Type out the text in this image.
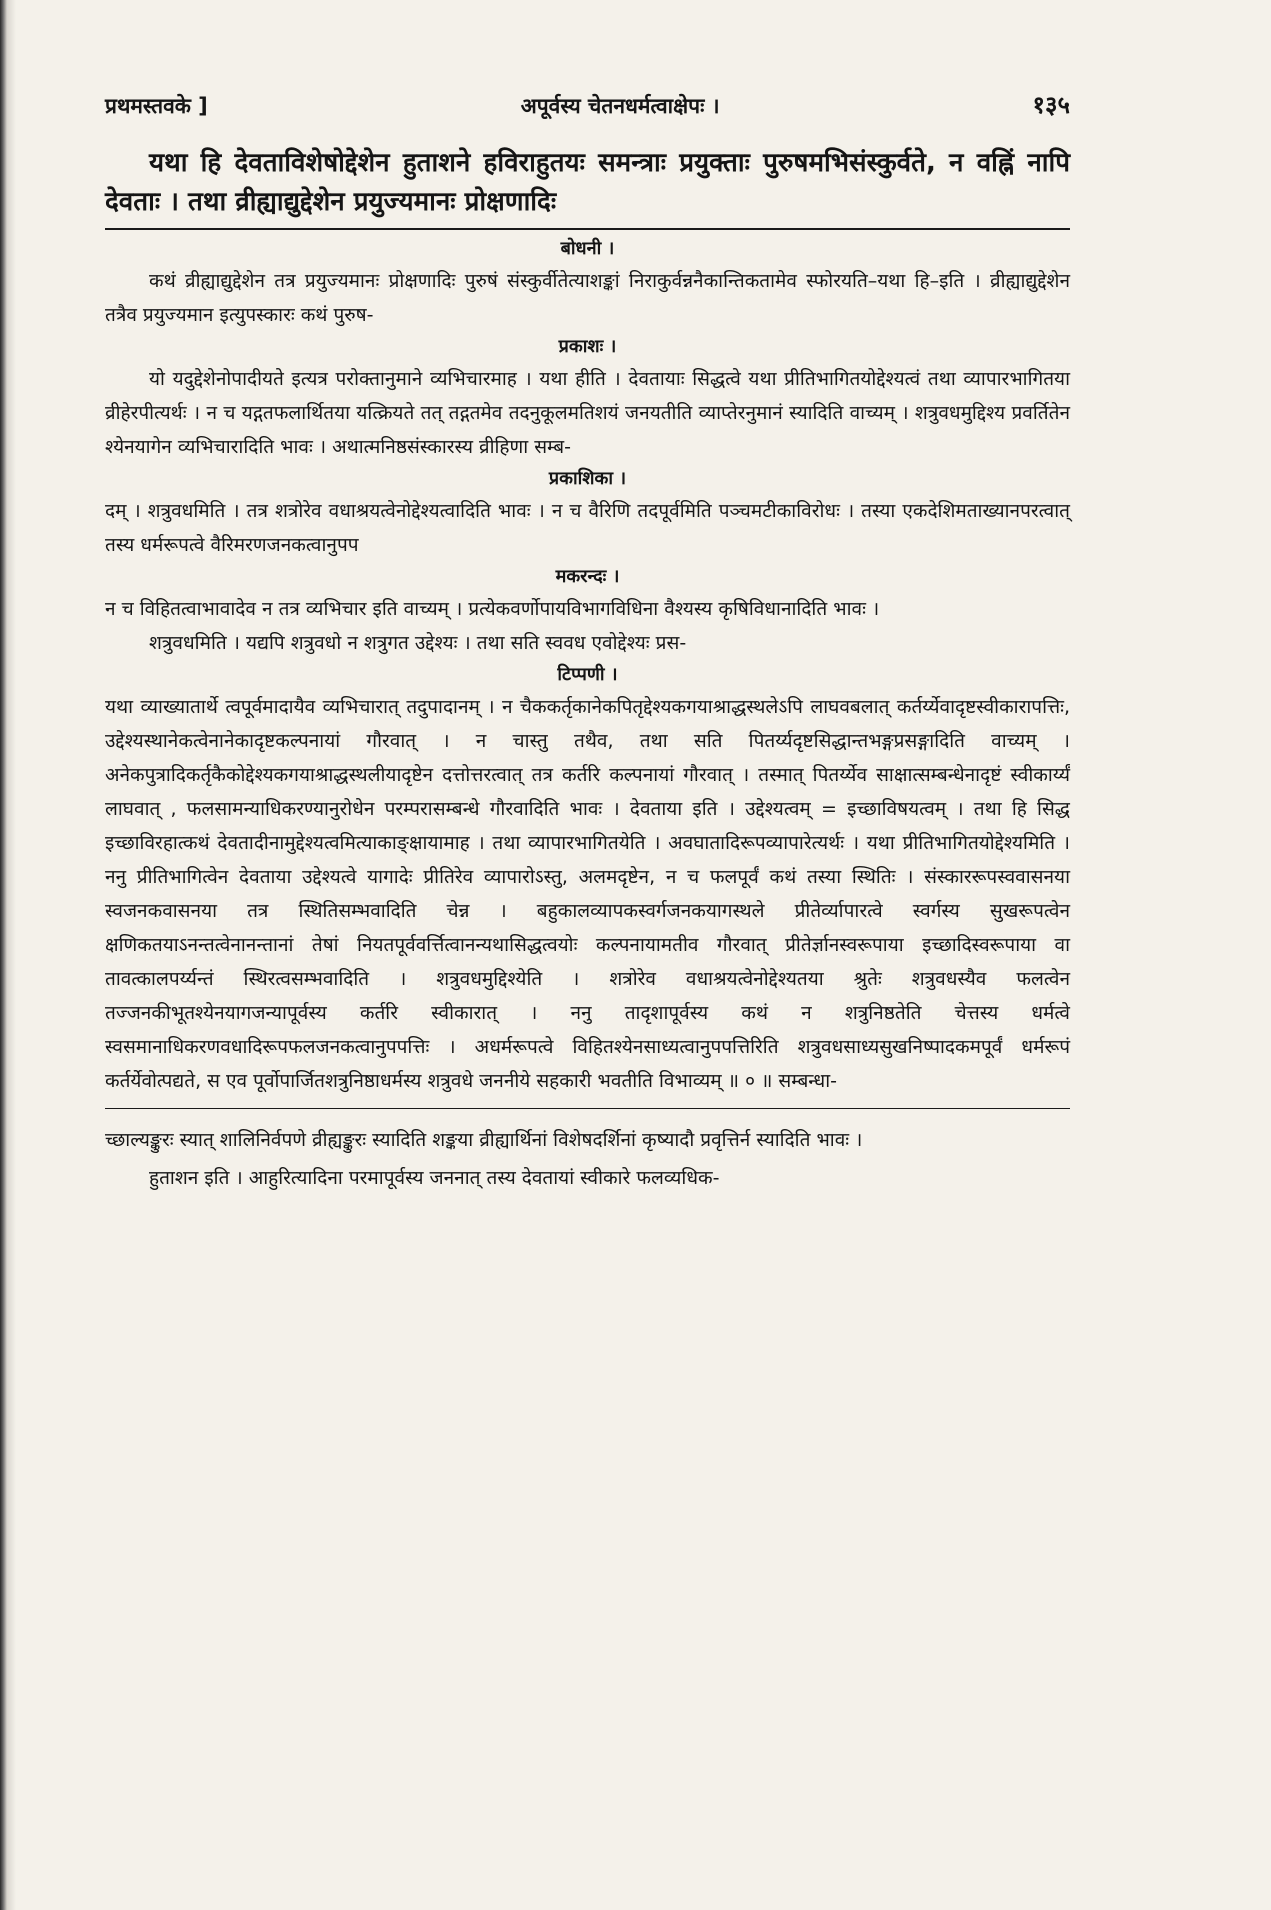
प्रथमस्तवके ]	अपूर्वस्य चेतनधर्मत्वाक्षेपः ।	१३५

यथा हि देवताविशेषोद्देशेन हुताशने हविराहुतयः समन्त्राः प्रयुक्ताः पुरुषमभिसंस्कुर्वते, न वह्निं नापि देवताः । तथा व्रीह्याद्युद्देशेन प्रयुज्यमानः प्रोक्षणादिः

बोधनी ।

कथं व्रीह्याद्युद्देशेन तत्र प्रयुज्यमानः प्रोक्षणादिः पुरुषं संस्कुर्वीतेत्याशङ्कां निराकुर्वन्ननैकान्तिकतामेव स्फोरयति–यथा हि–इति । व्रीह्याद्युद्देशेन तत्रैव प्रयुज्यमान इत्युपस्कारः कथं पुरुष-

प्रकाशः ।

यो यदुद्देशेनोपादीयते इत्यत्र परोक्तानुमाने व्यभिचारमाह । यथा हीति । देवतायाः सिद्धत्वे यथा प्रीतिभागितयोद्देश्यत्वं तथा व्यापारभागितया व्रीहेरपीत्यर्थः । न च यद्गतफलार्थितया यत्क्रियते तत् तद्गतमेव तदनुकूलमतिशयं जनयतीति व्याप्तेरनुमानं स्यादिति वाच्यम् । शत्रुवधमुद्दिश्य प्रवर्तितेन श्येनयागेन व्यभिचारादिति भावः । अथात्मनिष्ठसंस्कारस्य व्रीहिणा सम्ब-

प्रकाशिका ।

दम् । शत्रुवधमिति । तत्र शत्रोरेव वधाश्रयत्वेनोद्देश्यत्वादिति भावः । न च वैरिणि तदपूर्वमिति पञ्चमटीकाविरोधः । तस्या एकदेशिमताख्यानपरत्वात् तस्य धर्मरूपत्वे वैरिमरणजनकत्वानुपप

मकरन्दः ।

न च विहितत्वाभावादेव न तत्र व्यभिचार इति वाच्यम् । प्रत्येकवर्णोपायविभागविधिना वैश्यस्य कृषिविधानादिति भावः ।

शत्रुवधमिति । यद्यपि शत्रुवधो न शत्रुगत उद्देश्यः । तथा सति स्ववध एवोद्देश्यः प्रस-

टिप्पणी ।

यथा व्याख्यातार्थे त्वपूर्वमादायैव व्यभिचारात् तदुपादानम् । न चैककर्तृकानेकपितृद्देश्यकगयाश्राद्धस्थलेऽपि लाघवबलात् कर्तर्य्येवादृष्टस्वीकारापत्तिः, उद्देश्यस्थानेकत्वेनानेकादृष्टकल्पनायां गौरवात् । न चास्तु तथैव, तथा सति पितर्य्यदृष्टसिद्धान्तभङ्गप्रसङ्गादिति वाच्यम् । अनेकपुत्रादिकर्तृकैकोद्देश्यकगयाश्राद्धस्थलीयादृष्टेन दत्तोत्तरत्वात् तत्र कर्तरि कल्पनायां गौरवात् । तस्मात् पितर्य्येव साक्षात्सम्बन्धेनादृष्टं स्वीकार्य्यं लाघवात् , फलसामन्याधिकरण्यानुरोधेन परम्परासम्बन्धे गौरवादिति भावः । देवताया इति । उद्देश्यत्वम् = इच्छाविषयत्वम् । तथा हि सिद्ध इच्छाविरहात्कथं देवतादीनामुद्देश्यत्वमित्याकाङ्क्षायामाह । तथा व्यापारभागितयेति । अवघातादिरूपव्यापारेत्यर्थः । यथा प्रीतिभागितयोद्देश्यमिति । ननु प्रीतिभागित्वेन देवताया उद्देश्यत्वे यागादेः प्रीतिरेव व्यापारोऽस्तु, अलमदृष्टेन, न च फलपूर्वं कथं तस्या स्थितिः । संस्काररूपस्ववासनया स्वजनकवासनया तत्र स्थितिसम्भवादिति चेन्न । बहुकालव्यापकस्वर्गजनकयागस्थले प्रीतेर्व्यापारत्वे स्वर्गस्य सुखरूपत्वेन क्षणिकतयाऽनन्तत्वेनानन्तानां तेषां नियतपूर्ववर्त्तित्वानन्यथासिद्धत्वयोः कल्पनायामतीव गौरवात् प्रीतेर्ज्ञानस्वरूपाया इच्छादिस्वरूपाया वा तावत्कालपर्य्यन्तं स्थिरत्वसम्भवादिति । शत्रुवधमुद्दिश्येति । शत्रोरेव वधाश्रयत्वेनोद्देश्यतया श्रुतेः शत्रुवधस्यैव फलत्वेन तज्जनकीभूतश्येनयागजन्यापूर्वस्य कर्तरि स्वीकारात् । ननु तादृशापूर्वस्य कथं न शत्रुनिष्ठतेति चेत्तस्य धर्मत्वे स्वसमानाधिकरणवधादिरूपफलजनकत्वानुपपत्तिः । अधर्मरूपत्वे विहितश्येनसाध्यत्वानुपपत्तिरिति शत्रुवधसाध्यसुखनिष्पादकमपूर्वं धर्मरूपं कर्तर्येवोत्पद्यते, स एव पूर्वोपार्जितशत्रुनिष्ठाधर्मस्य शत्रुवधे जननीये सहकारी भवतीति विभाव्यम् ॥ ० ॥ सम्बन्धा-

च्छाल्यङ्कुरः स्यात् शालिनिर्वपणे व्रीह्यङ्कुरः स्यादिति शङ्कया व्रीह्यार्थिनां विशेषदर्शिनां कृष्यादौ प्रवृत्तिर्न स्यादिति भावः ।

हुताशन इति । आहुरित्यादिना परमापूर्वस्य जननात् तस्य देवतायां स्वीकारे फलव्यधिक-
